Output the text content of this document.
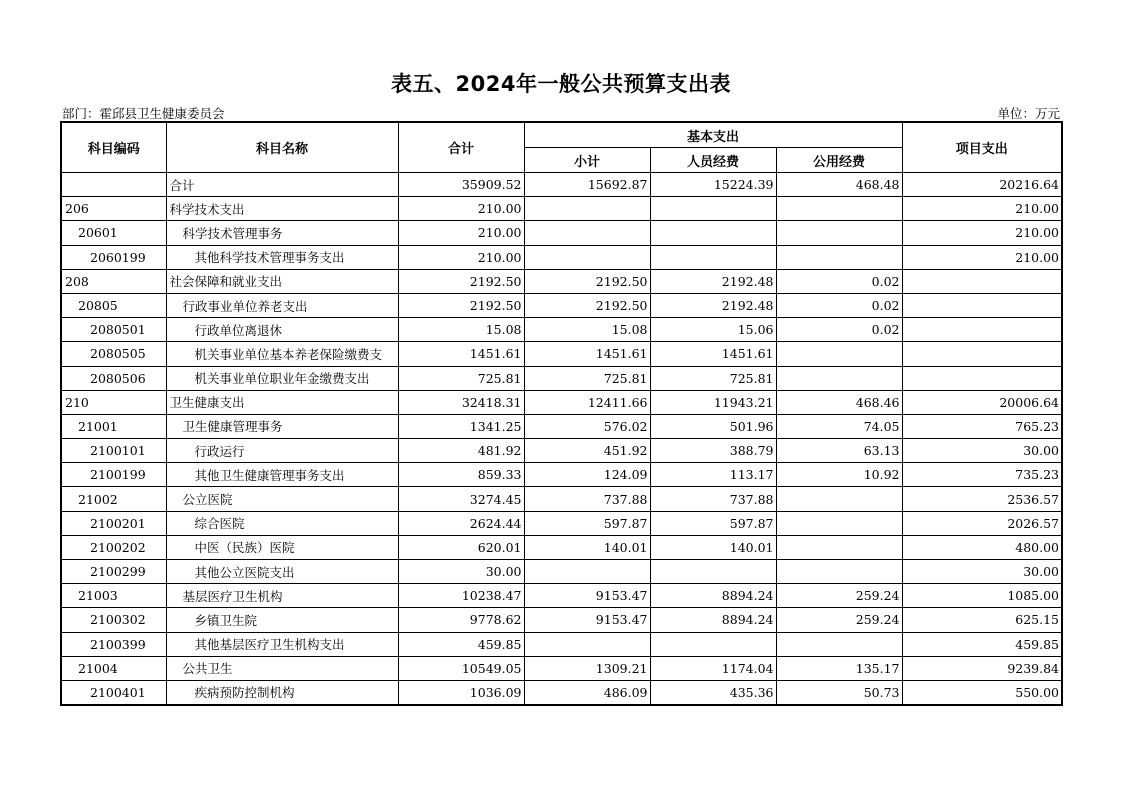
表五、2024年一般公共预算支出表
部门：霍邱县卫生健康委员会	单位：万元
科目编码	科目名称	合计	基本支出			项目支出
			小计	人员经费	公用经费	
	合计	35909.52	15692.87	15224.39	468.48	20216.64
206	科学技术支出	210.00				210.00
20601	科学技术管理事务	210.00				210.00
2060199	其他科学技术管理事务支出	210.00				210.00
208	社会保障和就业支出	2192.50	2192.50	2192.48	0.02	
20805	行政事业单位养老支出	2192.50	2192.50	2192.48	0.02	
2080501	行政单位离退休	15.08	15.08	15.06	0.02	
2080505	机关事业单位基本养老保险缴费支	1451.61	1451.61	1451.61		
2080506	机关事业单位职业年金缴费支出	725.81	725.81	725.81		
210	卫生健康支出	32418.31	12411.66	11943.21	468.46	20006.64
21001	卫生健康管理事务	1341.25	576.02	501.96	74.05	765.23
2100101	行政运行	481.92	451.92	388.79	63.13	30.00
2100199	其他卫生健康管理事务支出	859.33	124.09	113.17	10.92	735.23
21002	公立医院	3274.45	737.88	737.88		2536.57
2100201	综合医院	2624.44	597.87	597.87		2026.57
2100202	中医（民族）医院	620.01	140.01	140.01		480.00
2100299	其他公立医院支出	30.00				30.00
21003	基层医疗卫生机构	10238.47	9153.47	8894.24	259.24	1085.00
2100302	乡镇卫生院	9778.62	9153.47	8894.24	259.24	625.15
2100399	其他基层医疗卫生机构支出	459.85				459.85
21004	公共卫生	10549.05	1309.21	1174.04	135.17	9239.84
2100401	疾病预防控制机构	1036.09	486.09	435.36	50.73	550.00
